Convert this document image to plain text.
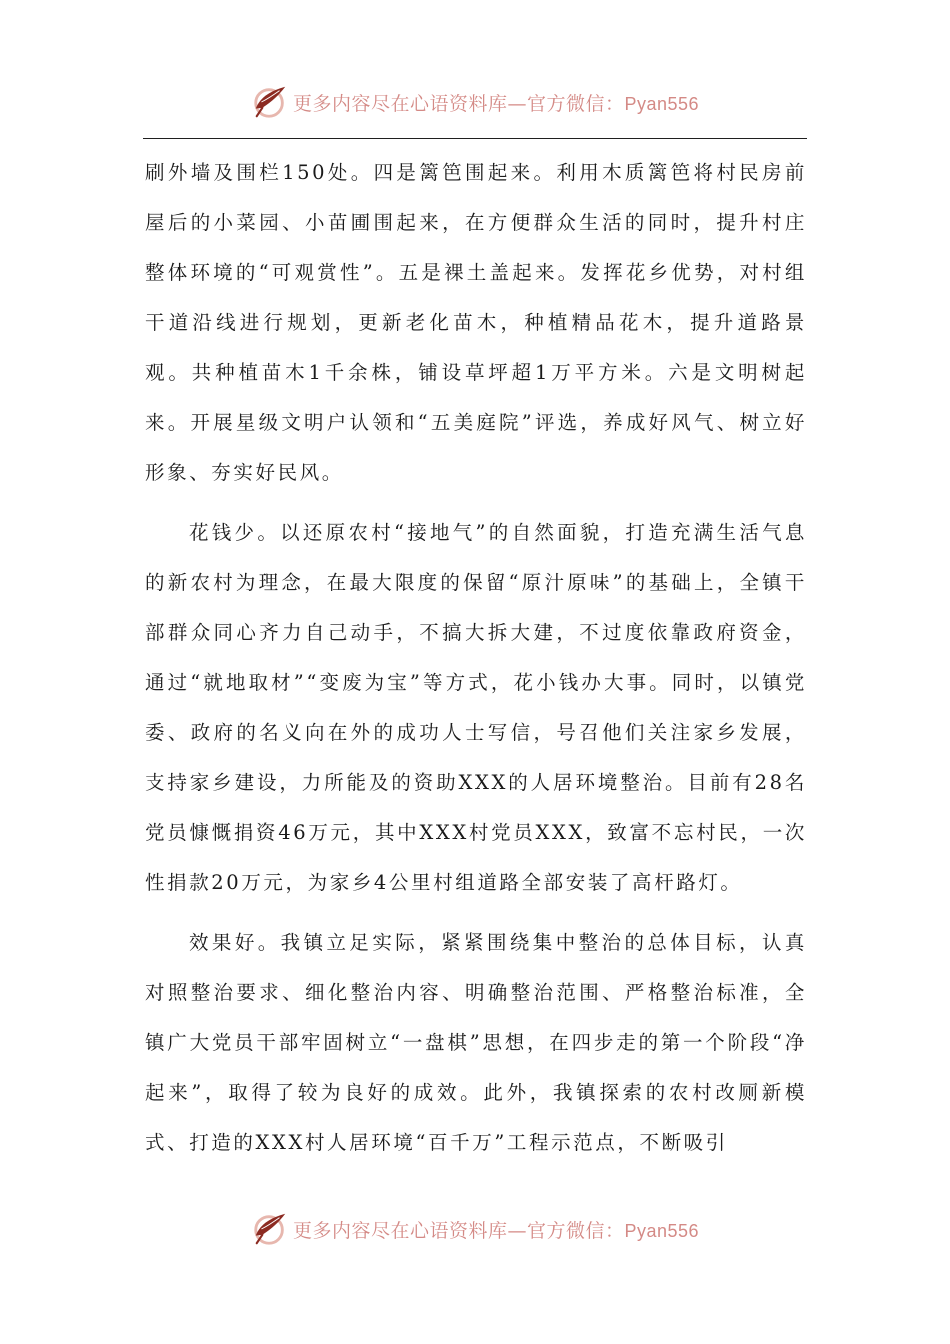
更多内容尽在心语资料库—官方微信：Pyan556

刷外墙及围栏150处。四是篱笆围起来。利用木质篱笆将村民房前屋后的小菜园、小苗圃围起来，在方便群众生活的同时，提升村庄整体环境的“可观赏性”。五是裸土盖起来。发挥花乡优势，对村组干道沿线进行规划，更新老化苗木，种植精品花木，提升道路景观。共种植苗木1千余株，铺设草坪超1万平方米。六是文明树起来。开展星级文明户认领和“五美庭院”评选，养成好风气、树立好形象、夯实好民风。

花钱少。以还原农村“接地气”的自然面貌，打造充满生活气息的新农村为理念，在最大限度的保留“原汁原味”的基础上，全镇干部群众同心齐力自己动手，不搞大拆大建，不过度依靠政府资金，通过“就地取材”“变废为宝”等方式，花小钱办大事。同时，以镇党委、政府的名义向在外的成功人士写信，号召他们关注家乡发展，支持家乡建设，力所能及的资助XXX的人居环境整治。目前有28名党员慷慨捐资46万元，其中XXX村党员XXX，致富不忘村民，一次性捐款20万元，为家乡4公里村组道路全部安装了高杆路灯。

效果好。我镇立足实际，紧紧围绕集中整治的总体目标，认真对照整治要求、细化整治内容、明确整治范围、严格整治标准，全镇广大党员干部牢固树立“一盘棋”思想，在四步走的第一个阶段“净起来”，取得了较为良好的成效。此外，我镇探索的农村改厕新模式、打造的XXX村人居环境“百千万”工程示范点，不断吸引

更多内容尽在心语资料库—官方微信：Pyan556
